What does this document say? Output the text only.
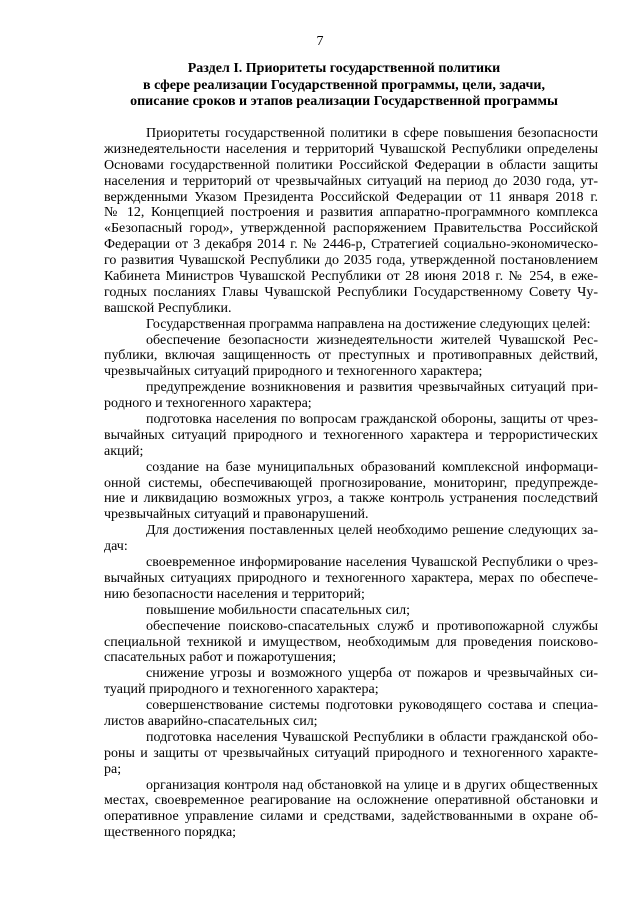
7
Раздел I. Приоритеты государственной политики
в сфере реализации Государственной программы, цели, задачи,
описание сроков и этапов реализации Государственной программы
Приоритеты государственной политики в сфере повышения безопасности
жизнедеятельности населения и территорий Чувашской Республики определены
Основами государственной политики Российской Федерации в области защиты
населения и территорий от чрезвычайных ситуаций на период до 2030 года, ут-
вержденными Указом Президента Российской Федерации от 11 января 2018 г.
№ 12, Концепцией построения и развития аппаратно-программного комплекса
«Безопасный город», утвержденной распоряжением Правительства Российской
Федерации от 3 декабря 2014 г. № 2446-р, Стратегией социально-экономическо-
го развития Чувашской Республики до 2035 года, утвержденной постановлением
Кабинета Министров Чувашской Республики от 28 июня 2018 г. № 254, в еже-
годных посланиях Главы Чувашской Республики Государственному Совету Чу-
вашской Республики.
Государственная программа направлена на достижение следующих целей:
обеспечение безопасности жизнедеятельности жителей Чувашской Рес-
публики, включая защищенность от преступных и противоправных действий,
чрезвычайных ситуаций природного и техногенного характера;
предупреждение возникновения и развития чрезвычайных ситуаций при-
родного и техногенного характера;
подготовка населения по вопросам гражданской обороны, защиты от чрез-
вычайных ситуаций природного и техногенного характера и террористических
акций;
создание на базе муниципальных образований комплексной информаци-
онной системы, обеспечивающей прогнозирование, мониторинг, предупрежде-
ние и ликвидацию возможных угроз, а также контроль устранения последствий
чрезвычайных ситуаций и правонарушений.
Для достижения поставленных целей необходимо решение следующих за-
дач:
своевременное информирование населения Чувашской Республики о чрез-
вычайных ситуациях природного и техногенного характера, мерах по обеспече-
нию безопасности населения и территорий;
повышение мобильности спасательных сил;
обеспечение поисково-спасательных служб и противопожарной службы
специальной техникой и имуществом, необходимым для проведения поисково-
спасательных работ и пожаротушения;
снижение угрозы и возможного ущерба от пожаров и чрезвычайных си-
туаций природного и техногенного характера;
совершенствование системы подготовки руководящего состава и специа-
листов аварийно-спасательных сил;
подготовка населения Чувашской Республики в области гражданской обо-
роны и защиты от чрезвычайных ситуаций природного и техногенного характе-
ра;
организация контроля над обстановкой на улице и в других общественных
местах, своевременное реагирование на осложнение оперативной обстановки и
оперативное управление силами и средствами, задействованными в охране об-
щественного порядка;
